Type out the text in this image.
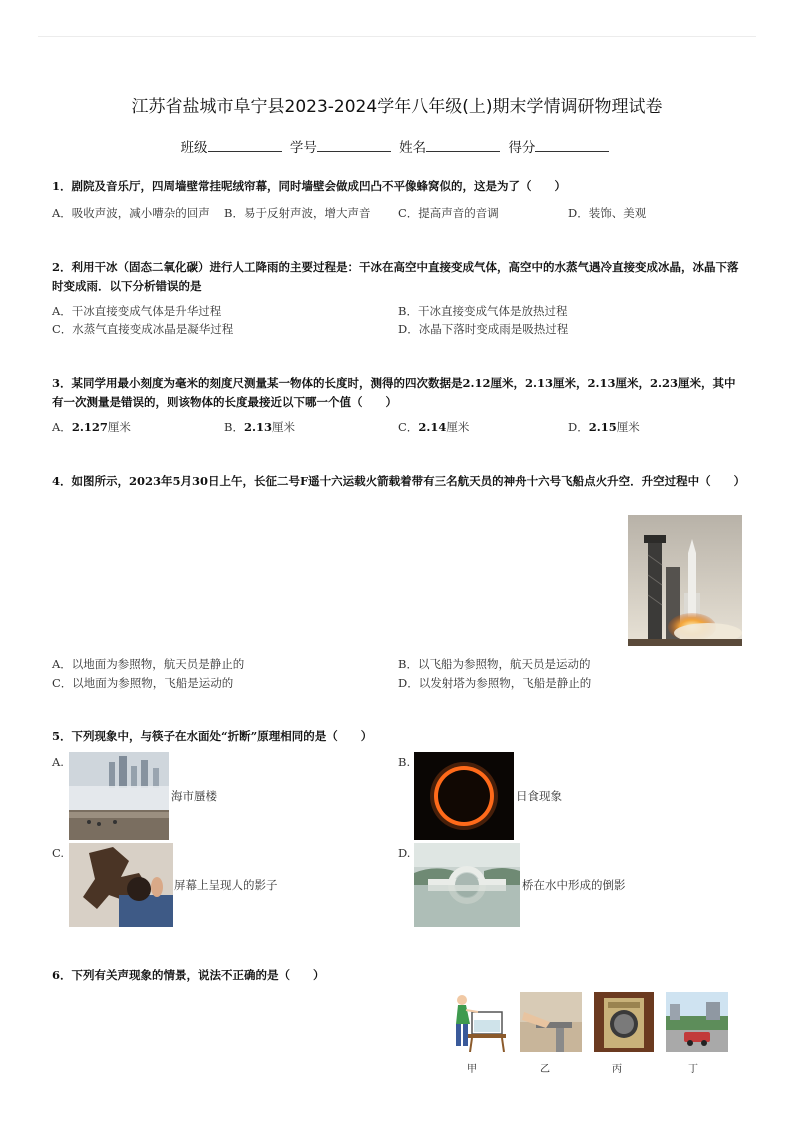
江苏省盐城市阜宁县2023-2024学年八年级(上)期末学情调研物理试卷
班级	学号	姓名	得分
1．剧院及音乐厅，四周墙壁常挂呢绒帘幕，同时墙壁会做成凹凸不平像蜂窝似的，这是为了（　　）
A．吸收声波，减小嘈杂的回声 B．易于反射声波，增大声音 C．提高声音的音调	D．装饰、美观
2．利用干冰（固态二氧化碳）进行人工降雨的主要过程是：干冰在高空中直接变成气体，高空中的水蒸气遇冷直接变成冰晶，冰晶下落时变成雨．以下分析错误的是
A．干冰直接变成气体是升华过程	B．干冰直接变成气体是放热过程
C．水蒸气直接变成冰晶是凝华过程	D．冰晶下落时变成雨是吸热过程
3．某同学用最小刻度为毫米的刻度尺测量某一物体的长度时，测得的四次数据是2.12厘米，2.13厘米，2.13厘米，2.23厘米，其中有一次测量是错误的，则该物体的长度最接近以下哪一个值（　　）
A．2.127厘米	B．2.13厘米	C．2.14厘米	D．2.15厘米
4．如图所示，2023年5月30日上午，长征二号F遥十六运载火箭载着带有三名航天员的神舟十六号飞船点火升空．升空过程中（　　）
A．以地面为参照物，航天员是静止的	B．以飞船为参照物，航天员是运动的
C．以地面为参照物，飞船是运动的	D．以发射塔为参照物，飞船是静止的
5．下列现象中，与筷子在水面处“折断”原理相同的是（　　）
A.
海市蜃楼
B.
日食现象
C.
屏幕上呈现人的影子
D.
桥在水中形成的倒影
6．下列有关声现象的情景，说法不正确的是（　　）
甲	乙	丙	丁
